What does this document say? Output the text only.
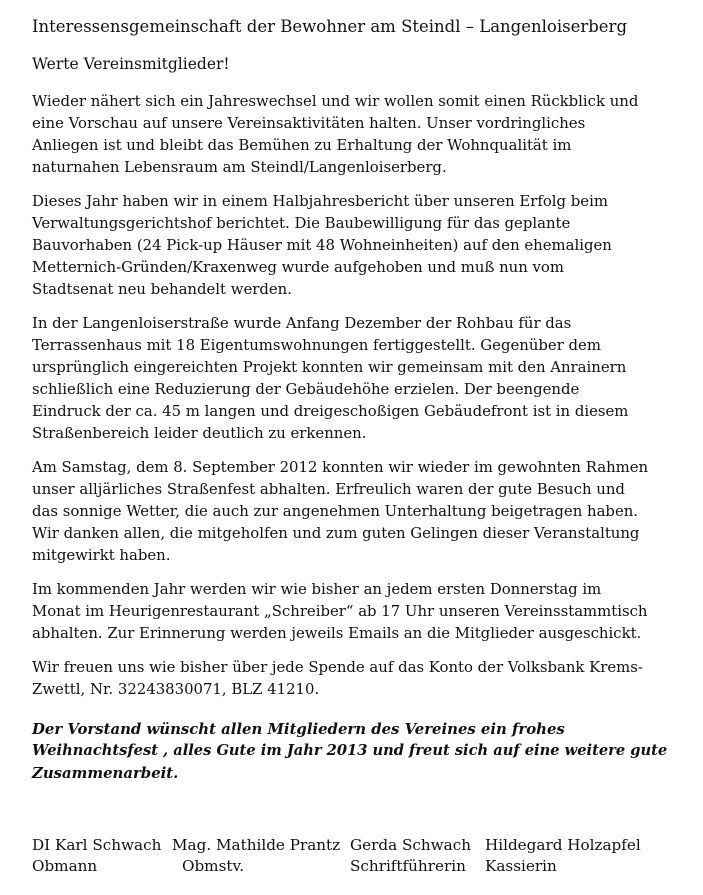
Interessensgemeinschaft der Bewohner am Steindl – Langenloiserberg
Werte Vereinsmitglieder!
Wieder nähert sich ein Jahreswechsel und wir wollen somit einen Rückblick und
eine Vorschau auf unsere Vereinsaktivitäten halten. Unser vordringliches
Anliegen ist und bleibt das Bemühen zu Erhaltung der Wohnqualität im
naturnahen Lebensraum am Steindl/Langenloiserberg.
Dieses Jahr haben wir in einem Halbjahresbericht über unseren Erfolg beim
Verwaltungsgerichtshof berichtet. Die Baubewilligung für das geplante
Bauvorhaben (24 Pick-up Häuser mit 48 Wohneinheiten) auf den ehemaligen
Metternich-Gründen/Kraxenweg wurde aufgehoben und muß nun vom
Stadtsenat neu behandelt werden.
In der Langenloiserstraße wurde Anfang Dezember der Rohbau für das
Terrassenhaus mit 18 Eigentumswohnungen fertiggestellt. Gegenüber dem
ursprünglich eingereichten Projekt konnten wir gemeinsam mit den Anrainern
schließlich eine Reduzierung der Gebäudehöhe erzielen. Der beengende
Eindruck der ca. 45 m langen und dreigeschoßigen Gebäudefront ist in diesem
Straßenbereich leider deutlich zu erkennen.
Am Samstag, dem 8. September 2012 konnten wir wieder im gewohnten Rahmen
unser alljärliches Straßenfest abhalten. Erfreulich waren der gute Besuch und
das sonnige Wetter, die auch zur angenehmen Unterhaltung beigetragen haben.
Wir danken allen, die mitgeholfen und zum guten Gelingen dieser Veranstaltung
mitgewirkt haben.
Im kommenden Jahr werden wir wie bisher an jedem ersten Donnerstag im
Monat im Heurigenrestaurant „Schreiber“ ab 17 Uhr unseren Vereinsstammtisch
abhalten. Zur Erinnerung werden jeweils Emails an die Mitglieder ausgeschickt.
Wir freuen uns wie bisher über jede Spende auf das Konto der Volksbank Krems-
Zwettl, Nr. 32243830071, BLZ 41210.
Der Vorstand wünscht allen Mitgliedern des Vereines ein frohes
Weihnachtsfest , alles Gute im Jahr 2013 und freut sich auf eine weitere gute
Zusammenarbeit.
DI Karl Schwach
Obmann
Mag. Mathilde Prantz
Obmstv.
Gerda Schwach
Schriftführerin
Hildegard Holzapfel
Kassierin
